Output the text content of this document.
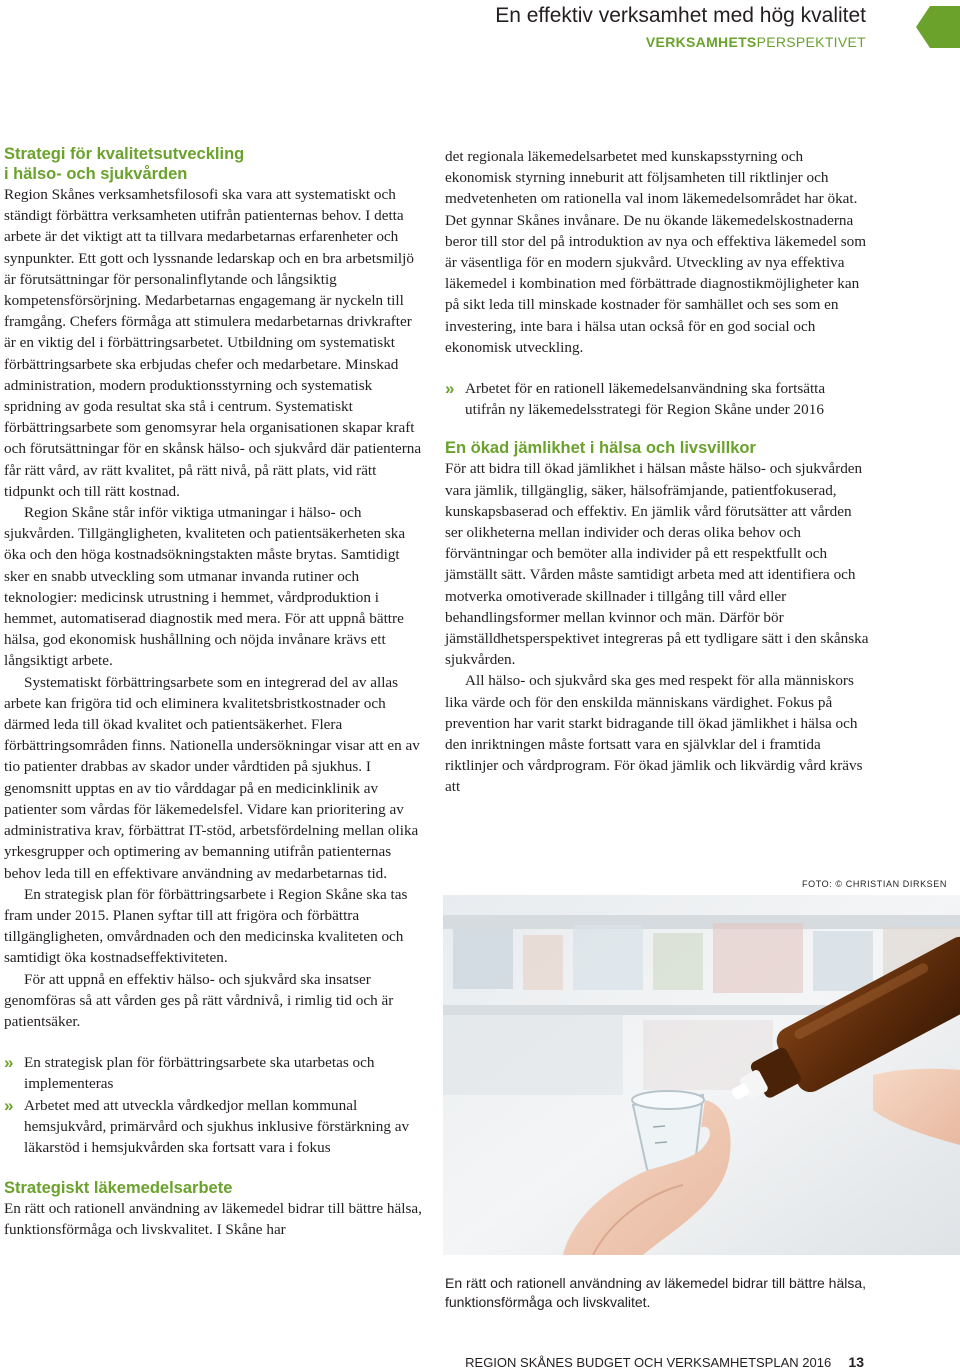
En effektiv verksamhet med hög kvalitet
VERKSAMHETSPERSPEKTIVET
Strategi för kvalitetsutveckling
i hälso- och sjukvården

Region Skånes verksamhetsfilosofi ska vara att systematiskt och ständigt förbättra verksamheten utifrån patienternas behov. I detta arbete är det viktigt att ta tillvara medarbetarnas erfarenheter och synpunkter. Ett gott och lyssnande ledarskap och en bra arbetsmiljö är förutsättningar för personalinflytande och långsiktig kompetensförsörjning. Medarbetarnas engagemang är nyckeln till framgång. Chefers förmåga att stimulera medarbetarnas drivkrafter är en viktig del i förbättringsarbetet. Utbildning om systematiskt förbättringsarbete ska erbjudas chefer och medarbetare. Minskad administration, modern produktionsstyrning och systematisk spridning av goda resultat ska stå i centrum. Systematiskt förbättringsarbete som genomsyrar hela organisationen skapar kraft och förutsättningar för en skånsk hälso- och sjukvård där patienterna får rätt vård, av rätt kvalitet, på rätt nivå, på rätt plats, vid rätt tidpunkt och till rätt kostnad.

Region Skåne står inför viktiga utmaningar i hälso- och sjukvården. Tillgängligheten, kvaliteten och patientsäkerheten ska öka och den höga kostnadsökningstakten måste brytas. Samtidigt sker en snabb utveckling som utmanar invanda rutiner och teknologier: medicinsk utrustning i hemmet, vårdproduktion i hemmet, automatiserad diagnostik med mera. För att uppnå bättre hälsa, god ekonomisk hushållning och nöjda invånare krävs ett långsiktigt arbete.

Systematiskt förbättringsarbete som en integrerad del av allas arbete kan frigöra tid och eliminera kvalitetsbristkostnader och därmed leda till ökad kvalitet och patientsäkerhet. Flera förbättringsområden finns. Nationella undersökningar visar att en av tio patienter drabbas av skador under vårdtiden på sjukhus. I genomsnitt upptas en av tio vårddagar på en medicinklinik av patienter som vårdas för läkemedelsfel. Vidare kan prioritering av administrativa krav, förbättrat IT-stöd, arbetsfördelning mellan olika yrkesgrupper och optimering av bemanning utifrån patienternas behov leda till en effektivare användning av medarbetarnas tid.

En strategisk plan för förbättringsarbete i Region Skåne ska tas fram under 2015. Planen syftar till att frigöra och förbättra tillgängligheten, omvårdnaden och den medicinska kvaliteten och samtidigt öka kostnadseffektiviteten.

För att uppnå en effektiv hälso- och sjukvård ska insatser genomföras så att vården ges på rätt vårdnivå, i rimlig tid och är patientsäker.

» En strategisk plan för förbättringsarbete ska utarbetas och implementeras
» Arbetet med att utveckla vårdkedjor mellan kommunal hemsjukvård, primärvård och sjukhus inklusive förstärkning av läkarstöd i hemsjukvården ska fortsatt vara i fokus
Strategiskt läkemedelsarbete

En rätt och rationell användning av läkemedel bidrar till bättre hälsa, funktionsförmåga och livskvalitet. I Skåne har

det regionala läkemedelsarbetet med kunskapsstyrning och ekonomisk styrning inneburit att följsamheten till riktlinjer och medvetenheten om rationella val inom läkemedelsområdet har ökat. Det gynnar Skånes invånare. De nu ökande läkemedelskostnaderna beror till stor del på introduktion av nya och effektiva läkemedel som är väsentliga för en modern sjukvård. Utveckling av nya effektiva läkemedel i kombination med förbättrade diagnostikmöjligheter kan på sikt leda till minskade kostnader för samhället och ses som en investering, inte bara i hälsa utan också för en god social och ekonomisk utveckling.

» Arbetet för en rationell läkemedelsanvändning ska fortsätta utifrån ny läkemedelsstrategi för Region Skåne under 2016
En ökad jämlikhet i hälsa och livsvillkor

För att bidra till ökad jämlikhet i hälsan måste hälso- och sjukvården vara jämlik, tillgänglig, säker, hälsofrämjande, patientfokuserad, kunskapsbaserad och effektiv. En jämlik vård förutsätter att vården ser olikheterna mellan individer och deras olika behov och förväntningar och bemöter alla individer på ett respektfullt och jämställt sätt. Vården måste samtidigt arbeta med att identifiera och motverka omotiverade skillnader i tillgång till vård eller behandlingsformer mellan kvinnor och män. Därför bör jämställdhetsperspektivet integreras på ett tydligare sätt i den skånska sjukvården.

All hälso- och sjukvård ska ges med respekt för alla människors lika värde och för den enskilda människans värdighet. Fokus på prevention har varit starkt bidragande till ökad jämlikhet i hälsa och den inriktningen måste fortsatt vara en självklar del i framtida riktlinjer och vårdprogram. För ökad jämlik och likvärdig vård krävs att

FOTO: © CHRISTIAN DIRKSEN
En rätt och rationell användning av läkemedel bidrar till bättre hälsa, funktionsförmåga och livskvalitet.
REGION SKÅNES BUDGET OCH VERKSAMHETSPLAN 2016 13
